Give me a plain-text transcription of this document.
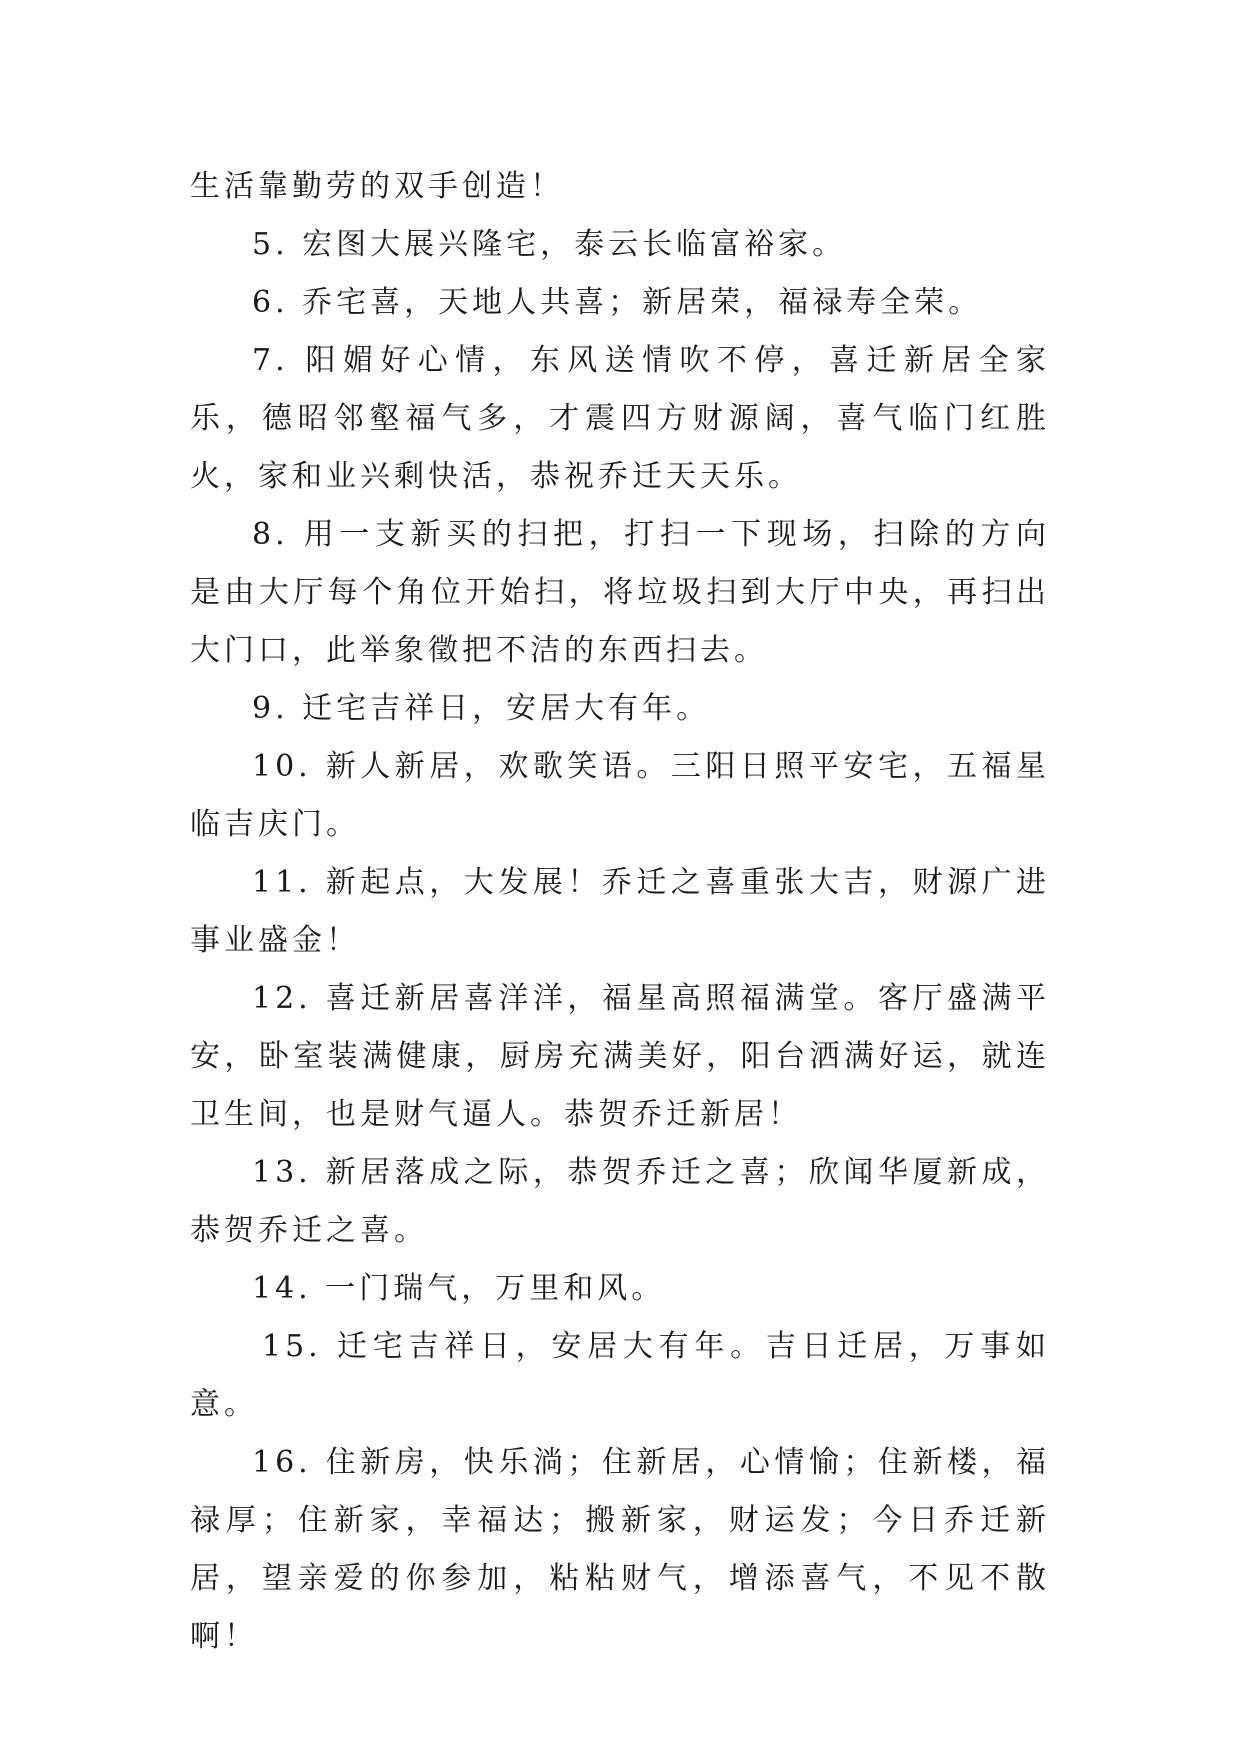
生活靠勤劳的双手创造！

5. 宏图大展兴隆宅，泰云长临富裕家。

6. 乔宅喜，天地人共喜；新居荣，福禄寿全荣。

7. 阳媚好心情，东风送情吹不停，喜迁新居全家乐，德昭邻壑福气多，才震四方财源阔，喜气临门红胜火，家和业兴剩快活，恭祝乔迁天天乐。

8. 用一支新买的扫把，打扫一下现场，扫除的方向是由大厅每个角位开始扫，将垃圾扫到大厅中央，再扫出大门口，此举象徵把不洁的东西扫去。

9. 迁宅吉祥日，安居大有年。

10. 新人新居，欢歌笑语。三阳日照平安宅，五福星临吉庆门。

11. 新起点，大发展！乔迁之喜重张大吉，财源广进事业盛金！

12. 喜迁新居喜洋洋，福星高照福满堂。客厅盛满平安，卧室装满健康，厨房充满美好，阳台洒满好运，就连卫生间，也是财气逼人。恭贺乔迁新居！

13. 新居落成之际，恭贺乔迁之喜；欣闻华厦新成，恭贺乔迁之喜。

14. 一门瑞气，万里和风。

15. 迁宅吉祥日，安居大有年。吉日迁居，万事如意。

16. 住新房，快乐淌；住新居，心情愉；住新楼，福禄厚；住新家，幸福达；搬新家，财运发；今日乔迁新居，望亲爱的你参加，粘粘财气，增添喜气，不见不散啊！
